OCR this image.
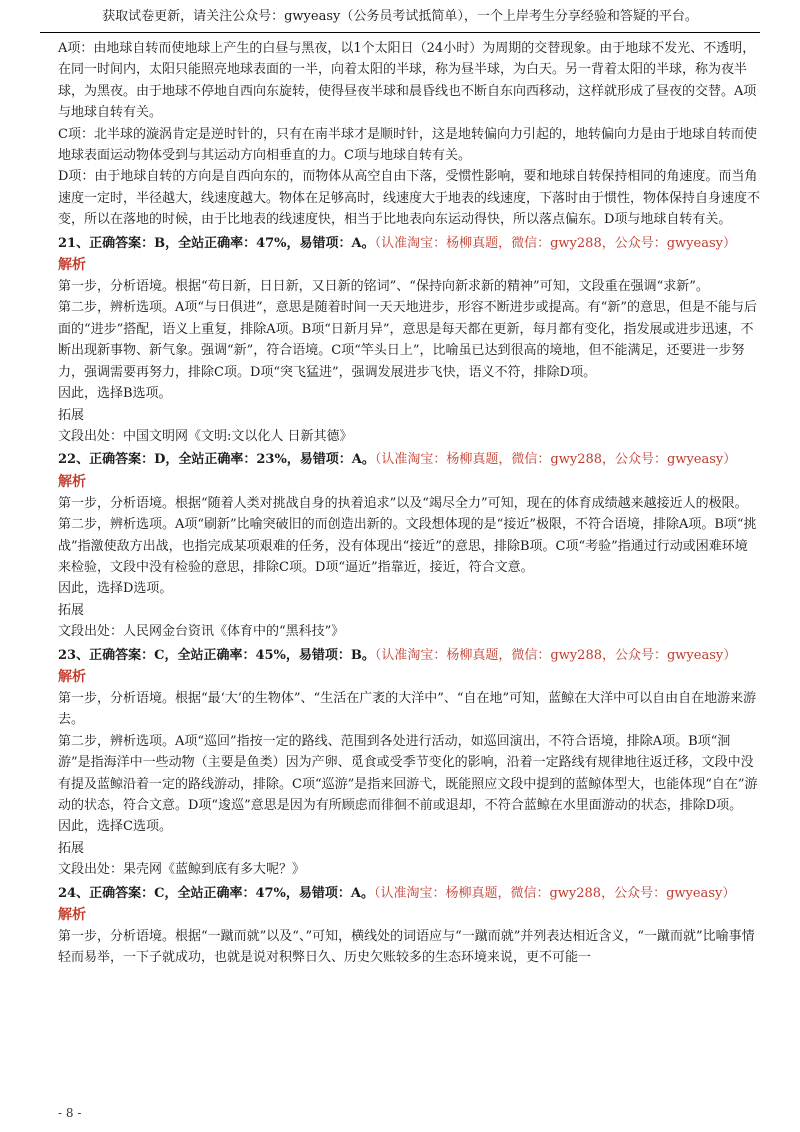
获取试卷更新，请关注公众号：gwyeasy（公务员考试抵简单），一个上岸考生分享经验和答疑的平台。

A项：由地球自转而使地球上产生的白昼与黑夜，以1个太阳日（24小时）为周期的交替现象。由于地球不发光、不透明，在同一时间内，太阳只能照亮地球表面的一半，向着太阳的半球，称为昼半球，为白天。另一背着太阳的半球，称为夜半球，为黑夜。由于地球不停地自西向东旋转，使得昼夜半球和晨昏线也不断自东向西移动，这样就形成了昼夜的交替。A项与地球自转有关。

C项：北半球的漩涡肯定是逆时针的，只有在南半球才是顺时针，这是地转偏向力引起的，地转偏向力是由于地球自转而使地球表面运动物体受到与其运动方向相垂直的力。C项与地球自转有关。

D项：由于地球自转的方向是自西向东的，而物体从高空自由下落，受惯性影响，要和地球自转保持相同的角速度。而当角速度一定时，半径越大，线速度越大。物体在足够高时，线速度大于地表的线速度，下落时由于惯性，物体保持自身速度不变，所以在落地的时候，由于比地表的线速度快，相当于比地表向东运动得快，所以落点偏东。D项与地球自转有关。

21、正确答案：B，全站正确率：47%，易错项：A。（认准淘宝：杨柳真题，微信：gwy288，公众号：gwyeasy）

解析

第一步，分析语境。根据“苟日新，日日新，又日新的铭词”、“保持向新求新的精神”可知，文段重在强调“求新”。

第二步，辨析选项。A项“与日俱进”，意思是随着时间一天天地进步，形容不断进步或提高。有“新”的意思，但是不能与后面的“进步”搭配，语义上重复，排除A项。B项“日新月异”，意思是每天都在更新，每月都有变化，指发展或进步迅速，不断出现新事物、新气象。强调“新”，符合语境。C项“竿头日上”，比喻虽已达到很高的境地，但不能满足，还要进一步努力，强调需要再努力，排除C项。D项“突飞猛进”，强调发展进步飞快，语义不符，排除D项。

因此，选择B选项。

拓展

文段出处：中国文明网《文明:文以化人 日新其德》

22、正确答案：D，全站正确率：23%，易错项：A。（认准淘宝：杨柳真题，微信：gwy288，公众号：gwyeasy）

解析

第一步，分析语境。根据“随着人类对挑战自身的执着追求”以及“竭尽全力”可知，现在的体育成绩越来越接近人的极限。

第二步，辨析选项。A项“刷新”比喻突破旧的而创造出新的。文段想体现的是“接近”极限，不符合语境，排除A项。B项“挑战”指激使敌方出战，也指完成某项艰难的任务，没有体现出“接近”的意思，排除B项。C项“考验”指通过行动或困难环境来检验，文段中没有检验的意思，排除C项。D项“逼近”指靠近，接近，符合文意。

因此，选择D选项。

拓展

文段出处：人民网金台资讯《体育中的“黑科技”》

23、正确答案：C，全站正确率：45%，易错项：B。（认准淘宝：杨柳真题，微信：gwy288，公众号：gwyeasy）

解析

第一步，分析语境。根据“最‘大’的生物体”、“生活在广袤的大洋中”、“自在地”可知，蓝鲸在大洋中可以自由自在地游来游去。

第二步，辨析选项。A项“巡回”指按一定的路线、范围到各处进行活动，如巡回演出，不符合语境，排除A项。B项“洄游”是指海洋中一些动物（主要是鱼类）因为产卵、觅食或受季节变化的影响，沿着一定路线有规律地往返迁移，文段中没有提及蓝鲸沿着一定的路线游动，排除。C项“巡游”是指来回游弋，既能照应文段中提到的蓝鲸体型大，也能体现“自在”游动的状态，符合文意。D项“逡巡”意思是因为有所顾虑而徘徊不前或退却，不符合蓝鲸在水里面游动的状态，排除D项。

因此，选择C选项。

拓展

文段出处：果壳网《蓝鲸到底有多大呢？》

24、正确答案：C，全站正确率：47%，易错项：A。（认准淘宝：杨柳真题，微信：gwy288，公众号：gwyeasy）

解析

第一步，分析语境。根据“一蹴而就”以及“、”可知，横线处的词语应与“一蹴而就”并列表达相近含义，“一蹴而就”比喻事情轻而易举，一下子就成功，也就是说对积弊日久、历史欠账较多的生态环境来说，更不可能一

- 8 -
